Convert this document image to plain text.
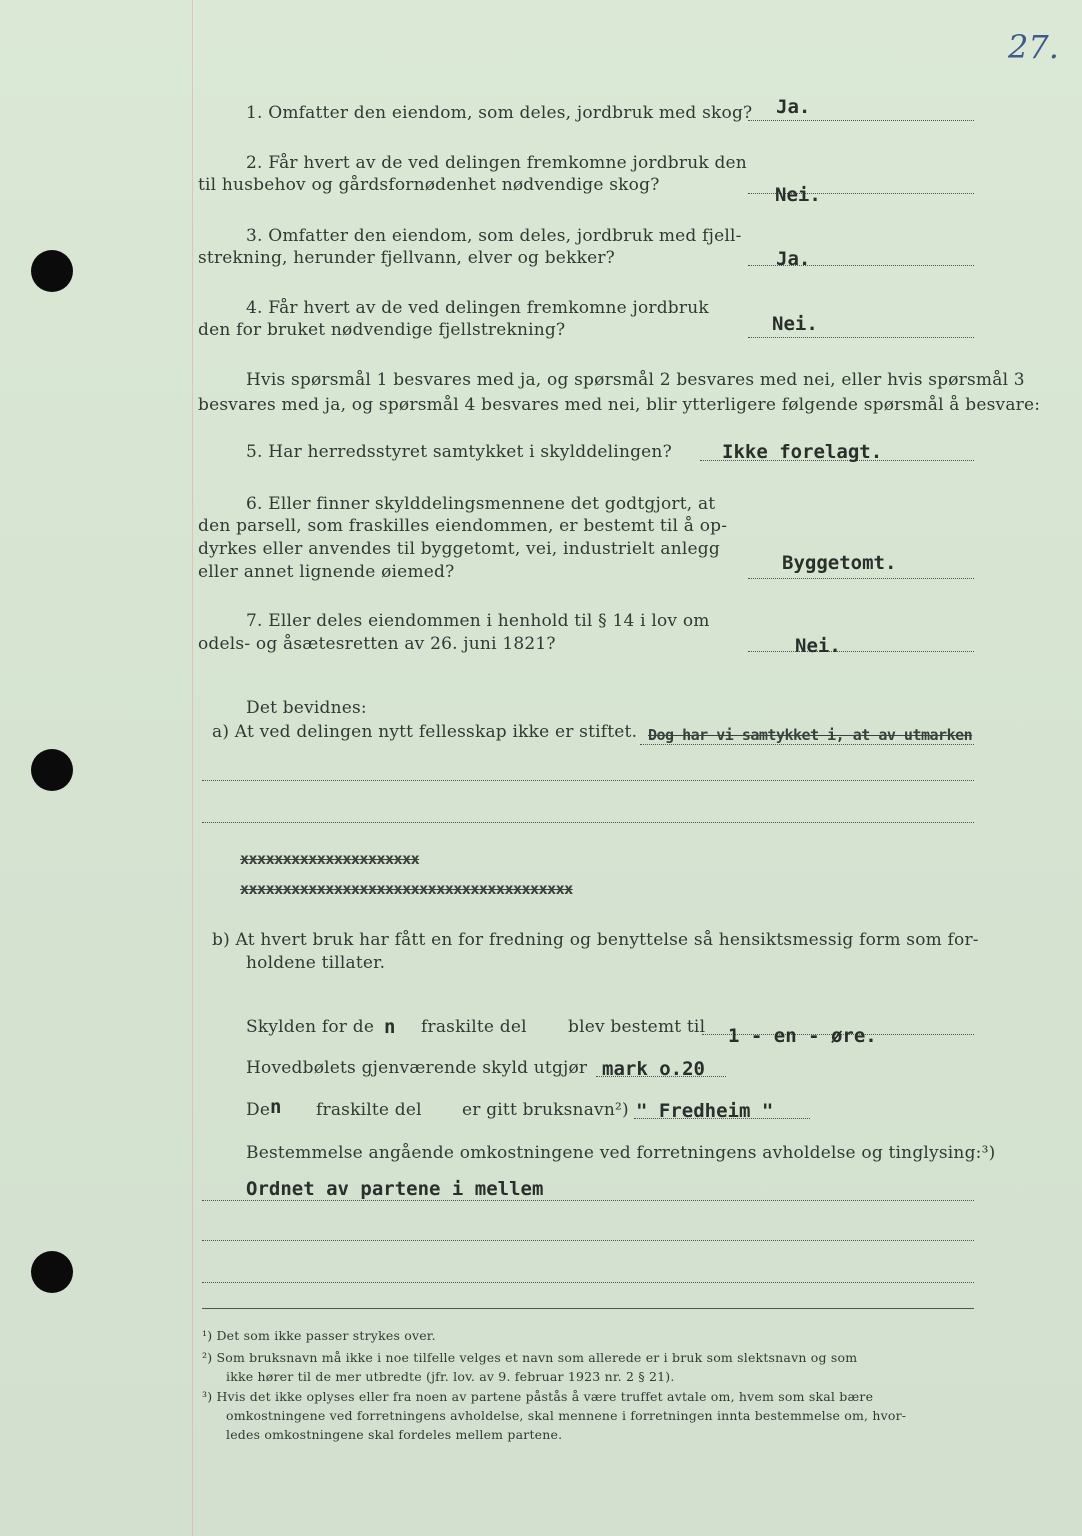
27.
1. Omfatter den eiendom, som deles, jordbruk med skog? Ja.
2. Får hvert av de ved delingen fremkomne jordbruk den
til husbehov og gårdsfornødenhet nødvendige skog?	Nei.
3. Omfatter den eiendom, som deles, jordbruk med fjell-
strekning, herunder fjellvann, elver og bekker?	Ja.
4. Får hvert av de ved delingen fremkomne jordbruk
den for bruket nødvendige fjellstrekning?	Nei.
Hvis spørsmål 1 besvares med ja, og spørsmål 2 besvares med nei, eller hvis spørsmål 3
besvares med ja, og spørsmål 4 besvares med nei, blir ytterligere følgende spørsmål å besvare:
5. Har herredsstyret samtykket i skylddelingen?	Ikke forelagt.
6. Eller finner skylddelingsmennene det godtgjort, at
den parsell, som fraskilles eiendommen, er bestemt til å op-
dyrkes eller anvendes til byggetomt, vei, industrielt anlegg
eller annet lignende øiemed?	Byggetomt.
7. Eller deles eiendommen i henhold til § 14 i lov om
odels- og åsætesretten av 26. juni 1821?	Nei.
Det bevidnes:
a) At ved delingen nytt fellesskap ikke er stiftet. Dog har vi samtykket i, at av utmarken
xxxxxxxxxxxxxxxxxxxxx
xxxxxxxxxxxxxxxxxxxxxxxxxxxxxxxxxxxxxxx
b) At hvert bruk har fått en for fredning og benyttelse så hensiktsmessig form som for-
holdene tillater.
Skylden for de n fraskilte del blev bestemt til 1 - en - øre.
Hovedbølets gjenværende skyld utgjør mark o.20
De n fraskilte del er gitt bruksnavn²) " Fredheim "
Bestemmelse angående omkostningene ved forretningens avholdelse og tinglysing:³)
Ordnet av partene i mellem
¹) Det som ikke passer strykes over.
²) Som bruksnavn må ikke i noe tilfelle velges et navn som allerede er i bruk som slektsnavn og som
ikke hører til de mer utbredte (jfr. lov. av 9. februar 1923 nr. 2 § 21).
³) Hvis det ikke oplyses eller fra noen av partene påstås å være truffet avtale om, hvem som skal bære
omkostningene ved forretningens avholdelse, skal mennene i forretningen inntа bestemmelse om, hvor-
ledes omkostningene skal fordeles mellem partene.
